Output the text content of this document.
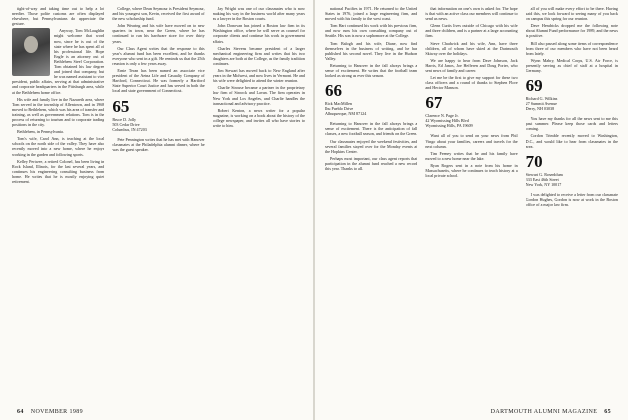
tight-of-way and taking time out to help a lot needier. Those polite customs are often displayed elsewhere, but Pennsylvanians do appreciate the gesture.

Anyway, Tom McLaughlin might welcome that word now, since he is out of the state where he has spent all of his professional life. Hope Engle is an attorney out of Bethlehem Steel Corporation. Tom obtained his law degree and joined that company, but he was named assistant to vice president, public affairs, serving at that administrative and corporate headquarters in the Pittsburgh area, while at the Bethlehem home office.

His wife and family live in the Nazareth area, where Tom served in the township of Allentown, and in 1968 moved to Bethlehem, which was his area of transfer and training, as well as government relations. Tom is in the process of returning to tourism and to corporate trading positions in the city.

Bethlehem, in Pennsylvania.

Tom's wife, Carol Ann, is teaching at the local schools on the north side of the valley. They have also recently moved into a new home, where he enjoys working in the garden and following sports.

Kelley Pertwee, a retired Colonel, has been living in Rock Island, Illinois, for the last several years, and continues his engineering consulting business from home. He writes that he is mostly enjoying quiet retirement.

College, where Dean Seymour is President Seymour, and his youngest son, Kevin, received the first award of the new scholarship fund.

John Wearing and his wife have moved on to new quarters in town, near the Green, where he has continued to run his hardware store for over thirty years.

Our Class Agent writes that the response to this year's alumni fund has been excellent, and he thanks everyone who sent in a gift. He reminds us that the 25th reunion is only a few years away.

Ernie Teran has been named an associate vice president of the Aetna Life and Casualty Company of Hartford, Connecticut. He was formerly a Hartford State Superior Court Justice and has served in both the local and state government of Connecticut.

65
Bruce D. Jolly
503 Cedar Drive
Columbus, IN 47203

Pete Pennington writes that he has met with Hanover classmates at the Philadelphia alumni dinner, where he was the guest speaker.

Jay Wright was one of our classmates who is now making his way in the business world after many years as a lawyer in the Boston courts.

John Donovan has joined a Boston law firm in its Washington office, where he will serve as counsel for corporate clients and continue his work in government affairs.

Charles Stevens became president of a larger mechanical engineering firm and writes that his two daughters are both at the College, as the family tradition continues.

Jim Stewart has moved back to New England after years in the Midwest, and now lives in Vermont. He and his wife were delighted to attend the winter reunion.

Charlie Strouse became a partner in the proprietary law firm of Stroock and Lavan. The firm operates in New York and Los Angeles, and Charlie handles the transactional and advisory practice.

Robert Kenton, a news writer for a popular magazine, is working on a book about the history of the college newspaper, and invites all who have stories to write to him.

64 NOVEMBER 1989

national Pacifies in 1971. He returned to the United States in 1976, joined a large engineering firm, and moved with his family to the west coast.

Tom Hart continued his work with his previous firm, and now runs his own consulting company out of Seattle. His son is now a sophomore at the College.

Tom Balogh and his wife, Diane, now find themselves in the business of writing, and he has published his second novel. They live in the Hudson Valley.

Returning to Hanover in the fall always brings a sense of excitement. He writes that the football team looked as strong as ever this season.

66
Rick MacMillen
Ihu Pueblo Drive
Albuquerque, NM 87124

Returning to Hanover in the fall always brings a sense of excitement. There is the anticipation of fall classes, a new football season, and friends on the Green.

Our classmates enjoyed the weekend festivities, and several families stayed over for the Monday events at the Hopkins Center.

Perhaps most important, our class agent reports that participation in the alumni fund reached a new record this year. Thanks to all.

that information on one's own is asked for. The hope is that with an active class our members will continue to send us news.

Glenn Curtis lives outside of Chicago with his wife and three children, and is a partner at a large accounting firm.

Steve Chadwick and his wife, Ann, have three children, all of whom have skied at the Dartmouth Skiway over the holidays.

We are happy to hear from Dave Johnson, Jack Harris, Ed Janos, Joe Hefferen and Doug Porter, who sent news of family and career.

Let me be the first to give my support for these two class officers and a round of thanks to Stephen Flore and Hector Manson.

67
Clarence N. Page Jr.
42 Wyomissing Hills Blvd
Wyomissing Hills, PA 19609

Want all of you to send on your news from Phil Vingo about your families, careers and travels for the next column.

Tim Feeney writes that he and his family have moved to a new home near the lake.

Ryan Rogers sent in a note from his home in Massachusetts, where he continues to teach history at a local private school.

all of you will make every effort to be there. Having said this, we look forward to seeing many of you back on campus this spring for our reunion.

Dave Hendricks dropped me the following note about Alumni Fund performance for 1989, and the news is positive.

Bill also passed along some items of correspondence from three of our members who have not been heard from lately.

Wynn Mabry, Medical Corps, U.S. Air Force, is presently serving as chief of staff at a hospital in Germany.

69
Richard G. Wilkins
27 Summit Avenue
Derry, NH 03038

You have my thanks for all the news sent to me this past summer. Please keep those cards and letters coming.

Cordon Trimble recently moved to Washington, D.C., and would like to hear from classmates in the area.

70
Stewart G. Rosenblum
333 East 46th Street
New York, NY 10017

I was delighted to receive a letter from our classmate Gordon Hughes, Gordon is now at work in the Boston office of a major law firm.

DARTMOUTH ALUMNI MAGAZINE 65
